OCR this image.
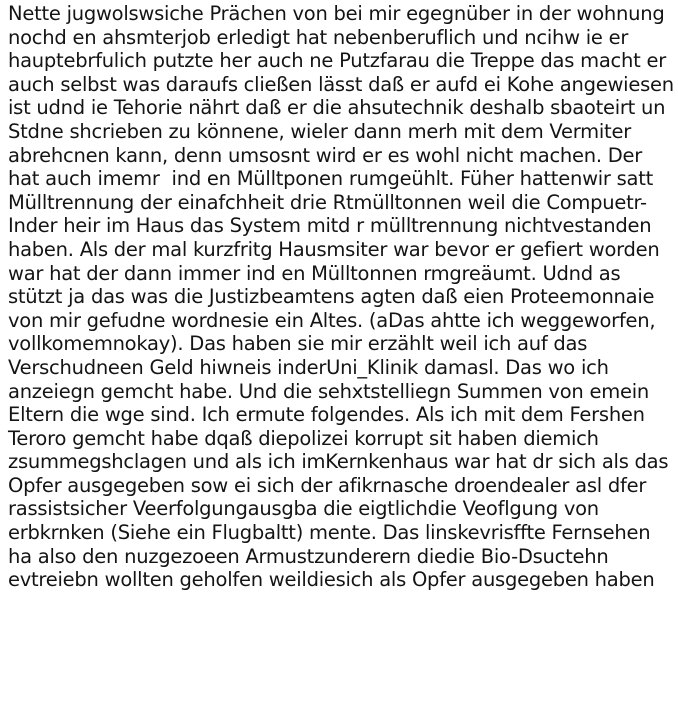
Nette jugwolswsiche Prächen von bei mir egegnüber in der wohnung
nochd en ahsmterjob erledigt hat nebenberuflich und ncihw ie er
hauptebrfulich putzte her auch ne Putzfarau die Treppe das macht er
auch selbst was daraufs cließen lässt daß er aufd ei Kohe angewiesen
ist udnd ie Tehorie nährt daß er die ahsutechnik deshalb sbaoteirt un
Stdne shcrieben zu könnene, wieler dann merh mit dem Vermiter
abrehcnen kann, denn umsosnt wird er es wohl nicht machen. Der
hat auch imemr  ind en Mülltponen rumgeühlt. Füher hattenwir satt
Mülltrennung der einafchheit drie Rtmülltonnen weil die Compuetr-
Inder heir im Haus das System mitd r mülltrennung nichtvestanden
haben. Als der mal kurzfritg Hausmsiter war bevor er gefiert worden
war hat der dann immer ind en Mülltonnen rmgreäumt. Udnd as
stützt ja das was die Justizbeamtens agten daß eien Proteemonnaie
von mir gefudne wordnesie ein Altes. (aDas ahtte ich weggeworfen,
vollkomemnokay). Das haben sie mir erzählt weil ich auf das
Verschudneen Geld hiwneis inderUni_Klinik damasl. Das wo ich
anzeiegn gemcht habe. Und die sehxtstelliegn Summen von emein
Eltern die wge sind. Ich ermute folgendes. Als ich mit dem Fershen
Teroro gemcht habe dqaß diepolizei korrupt sit haben diemich
zsummegshclagen und als ich imKernkenhaus war hat dr sich als das
Opfer ausgegeben sow ei sich der afikrnasche droendealer asl dfer
rassistsicher Veerfolgungausgba die eigtlichdie Veoflgung von
erbkrnken (Siehe ein Flugbaltt) mente. Das linskevrisffte Fernsehen
ha also den nuzgezoeen Armustzunderern diedie Bio-Dsuctehn
evtreiebn wollten geholfen weildiesich als Opfer ausgegeben haben
